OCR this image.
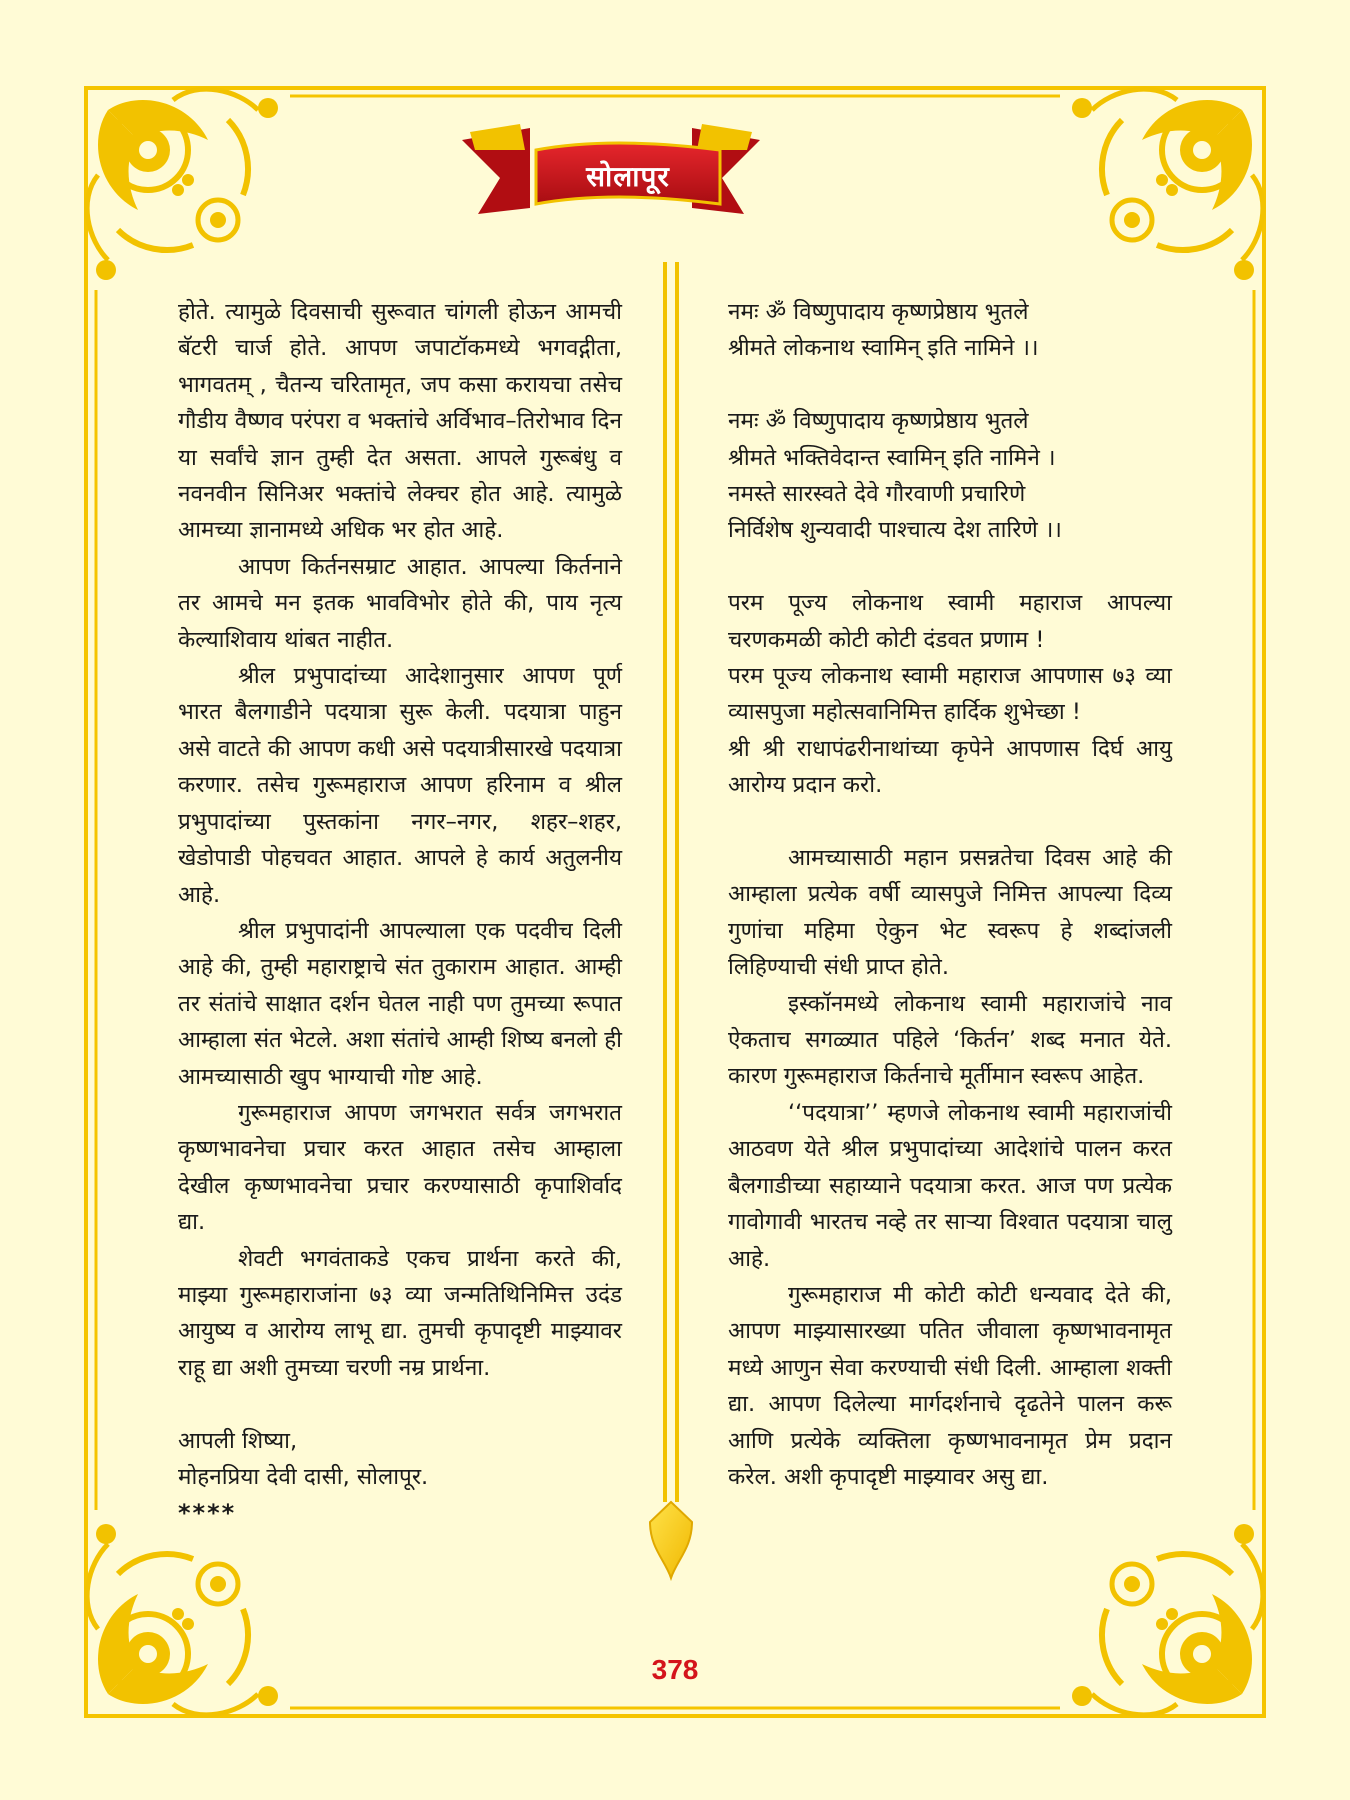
सोलापूर

होते. त्यामुळे दिवसाची सुरूवात चांगली होऊन आमची बॅटरी चार्ज होते. आपण जपाटॉकमध्ये भगवद्गीता, भागवतम् , चैतन्य चरितामृत, जप कसा करायचा तसेच गौडीय वैष्णव परंपरा व भक्तांचे अर्विभाव–तिरोभाव दिन या सर्वांचे ज्ञान तुम्ही देत असता. आपले गुरूबंधु व नवनवीन सिनिअर भक्तांचे लेक्चर होत आहे. त्यामुळे आमच्या ज्ञानामध्ये अधिक भर होत आहे.

आपण किर्तनसम्राट आहात. आपल्या किर्तनाने तर आमचे मन इतक भावविभोर होते की, पाय नृत्य केल्याशिवाय थांबत नाहीत.

श्रील प्रभुपादांच्या आदेशानुसार आपण पूर्ण भारत बैलगाडीने पदयात्रा सुरू केली. पदयात्रा पाहुन असे वाटते की आपण कधी असे पदयात्रीसारखे पदयात्रा करणार. तसेच गुरूमहाराज आपण हरिनाम व श्रील प्रभुपादांच्या पुस्तकांना नगर–नगर, शहर–शहर, खेडोपाडी पोहचवत आहात. आपले हे कार्य अतुलनीय आहे.

श्रील प्रभुपादांनी आपल्याला एक पदवीच दिली आहे की, तुम्ही महाराष्ट्राचे संत तुकाराम आहात. आम्ही तर संतांचे साक्षात दर्शन घेतल नाही पण तुमच्या रूपात आम्हाला संत भेटले. अशा संतांचे आम्ही शिष्य बनलो ही आमच्यासाठी खुप भाग्याची गोष्ट आहे.

गुरूमहाराज आपण जगभरात सर्वत्र जगभरात कृष्णभावनेचा प्रचार करत आहात तसेच आम्हाला देखील कृष्णभावनेचा प्रचार करण्यासाठी कृपाशिर्वाद द्या.

शेवटी भगवंताकडे एकच प्रार्थना करते की, माझ्या गुरूमहाराजांना ७३ व्या जन्मतिथिनिमित्त उदंड आयुष्य व आरोग्य लाभू द्या. तुमची कृपादृष्टी माझ्यावर राहू द्या अशी तुमच्या चरणी नम्र प्रार्थना.

आपली शिष्या,

मोहनप्रिया देवी दासी, सोलापूर.

****

नमः ॐ विष्णुपादाय कृष्णप्रेष्ठाय भुतले

श्रीमते लोकनाथ स्वामिन् इति नामिने ।।

नमः ॐ विष्णुपादाय कृष्णप्रेष्ठाय भुतले

श्रीमते भक्तिवेदान्त स्वामिन् इति नामिने ।

नमस्ते सारस्वते देवे गौरवाणी प्रचारिणे

निर्विशेष शुन्यवादी पाश्चात्य देश तारिणे ।।

परम पूज्य लोकनाथ स्वामी महाराज आपल्या चरणकमळी कोटी कोटी दंडवत प्रणाम !

परम पूज्य लोकनाथ स्वामी महाराज आपणास ७३ व्या व्यासपुजा महोत्सवानिमित्त हार्दिक शुभेच्छा !

श्री श्री राधापंढरीनाथांच्या कृपेने आपणास दिर्घ आयु आरोग्य प्रदान करो.

आमच्यासाठी महान प्रसन्नतेचा दिवस आहे की आम्हाला प्रत्येक वर्षी व्यासपुजे निमित्त आपल्या दिव्य गुणांचा महिमा ऐकुन भेट स्वरूप हे शब्दांजली लिहिण्याची संधी प्राप्त होते.

इस्कॉनमध्ये लोकनाथ स्वामी महाराजांचे नाव ऐकताच सगळ्यात पहिले ‘किर्तन’ शब्द मनात येते. कारण गुरूमहाराज किर्तनाचे मूर्तीमान स्वरूप आहेत.

‘‘पदयात्रा’’ म्हणजे लोकनाथ स्वामी महाराजांची आठवण येते श्रील प्रभुपादांच्या आदेशांचे पालन करत बैलगाडीच्या सहाय्याने पदयात्रा करत. आज पण प्रत्येक गावोगावी भारतच नव्हे तर साऱ्या विश्वात पदयात्रा चालु आहे.

गुरूमहाराज मी कोटी कोटी धन्यवाद देते की, आपण माझ्यासारख्या पतित जीवाला कृष्णभावनामृत मध्ये आणुन सेवा करण्याची संधी दिली. आम्हाला शक्ती द्या. आपण दिलेल्या मार्गदर्शनाचे दृढतेने पालन करू आणि प्रत्येके व्यक्तिला कृष्णभावनामृत प्रेम प्रदान करेल. अशी कृपादृष्टी माझ्यावर असु द्या.

378
